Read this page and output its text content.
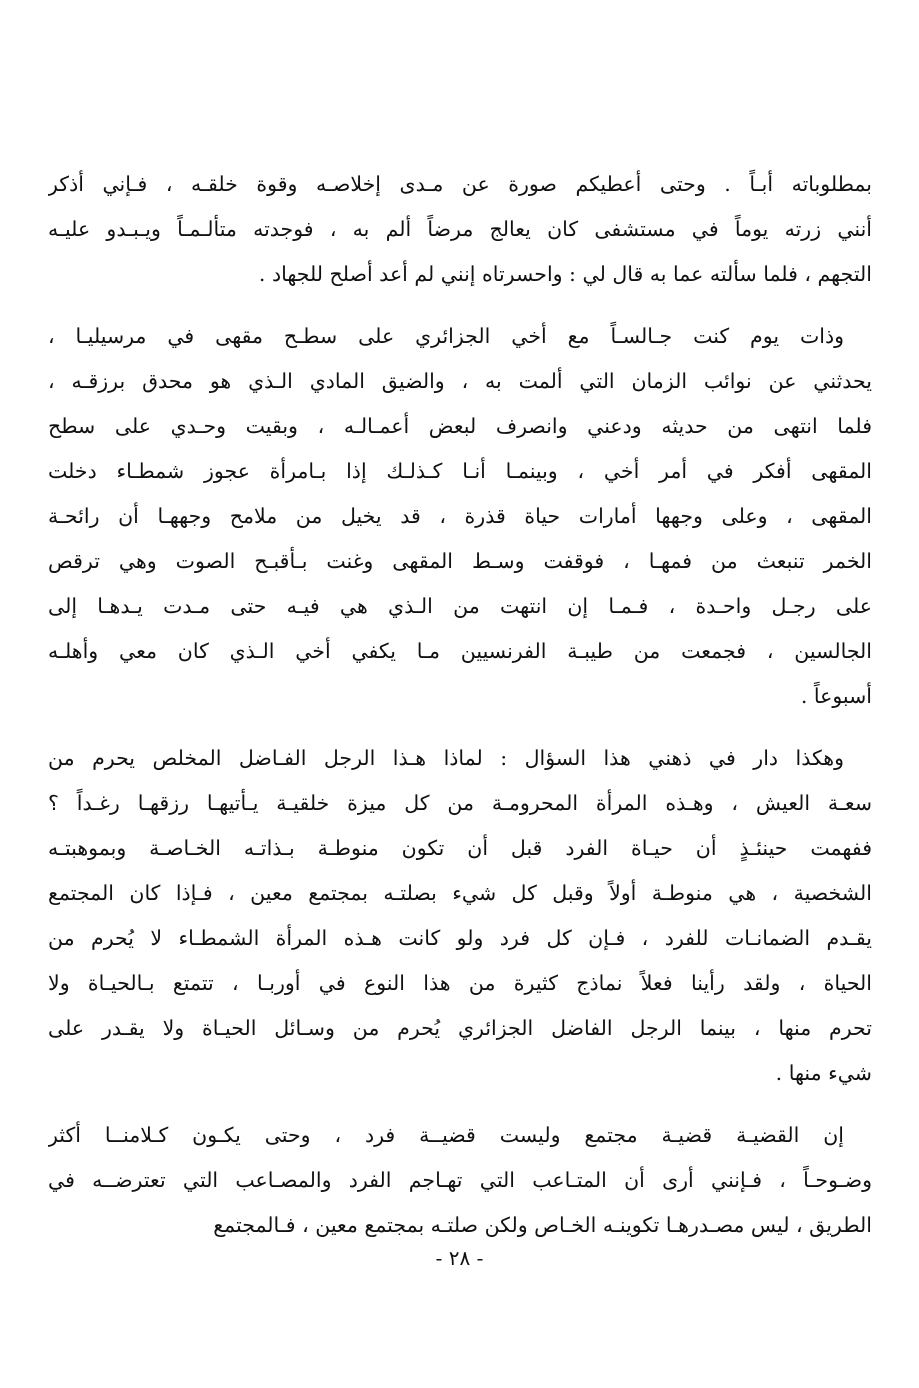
بمطلوباته أبـاً . وحتى أعطيكم صورة عن مـدى إخلاصـه وقوة خلقـه ، فـإني أذكر
أنني زرته يوماً في مستشفى كان يعالج مرضاً ألم به ، فوجدته متألـمـاً ويـبـدو عليـه
التجهم ، فلما سألته عما به قال لي : واحسرتاه إنني لم أعد أصلح للجهاد .
وذات يوم كنت جـالسـاً مع أخي الجزائري على سطـح مقهى في مرسيليـا ،
يحدثني عن نوائب الزمان التي ألمت به ، والضيق المادي الـذي هو محدق برزقـه ،
فلما انتهى من حديثه ودعني وانصرف لبعض أعمـالـه ، وبقيت وحـدي على سطح
المقهى أفكر في أمر أخي ، وبينمـا أنـا كـذلـك إذا بـامرأة عجوز شمطـاء دخلت
المقهى ، وعلى وجهها أمارات حياة قذرة ، قد يخيل من ملامح وجههـا أن رائحـة
الخمر تنبعث من فمهـا ، فوقفت وسـط المقهى وغنت بـأقبـح الصوت وهي ترقص
على رجـل واحـدة ، فـمـا إن انتهت من الـذي هي فيـه حتى مـدت يـدهـا إلى
الجالسين ، فجمعت من طيبـة الفرنسيين مـا يكفي أخي الـذي كان معي وأهلـه
أسبوعاً .
وهكذا دار في ذهني هذا السؤال : لماذا هـذا الرجل الفـاضل المخلص يحرم من
سعـة العيش ، وهـذه المرأة المحرومـة من كل ميزة خلقيـة يـأتيهـا رزقهـا رغـداً ؟
ففهمت حينئـذٍ أن حيـاة الفرد قبل أن تكون منوطـة بـذاتـه الخـاصـة وبموهبتـه
الشخصية ، هي منوطـة أولاً وقبل كل شيء بصلتـه بمجتمع معين ، فـإذا كان المجتمع
يقـدم الضمانـات للفرد ، فـإن كل فرد ولو كانت هـذه المرأة الشمطـاء لا يُحرم من
الحياة ، ولقد رأينا فعلاً نماذج كثيرة من هذا النوع في أوربـا ، تتمتع بـالحيـاة ولا
تحرم منها ، بينما الرجل الفاضل الجزائري يُحرم من وسـائل الحيـاة ولا يقـدر على
شيء منها .
إن القضيـة قضيـة مجتمع وليست قضيــة فرد ، وحتى يكـون كـلامنــا أكثر
وضـوحـاً ، فـإنني أرى أن المتـاعب التي تهـاجم الفرد والمصـاعب التي تعترضــه في
الطريق ، ليس مصـدرهـا تكوينـه الخـاص ولكن صلتـه بمجتمع معين ، فـالمجتمع
- ٢٨ -
